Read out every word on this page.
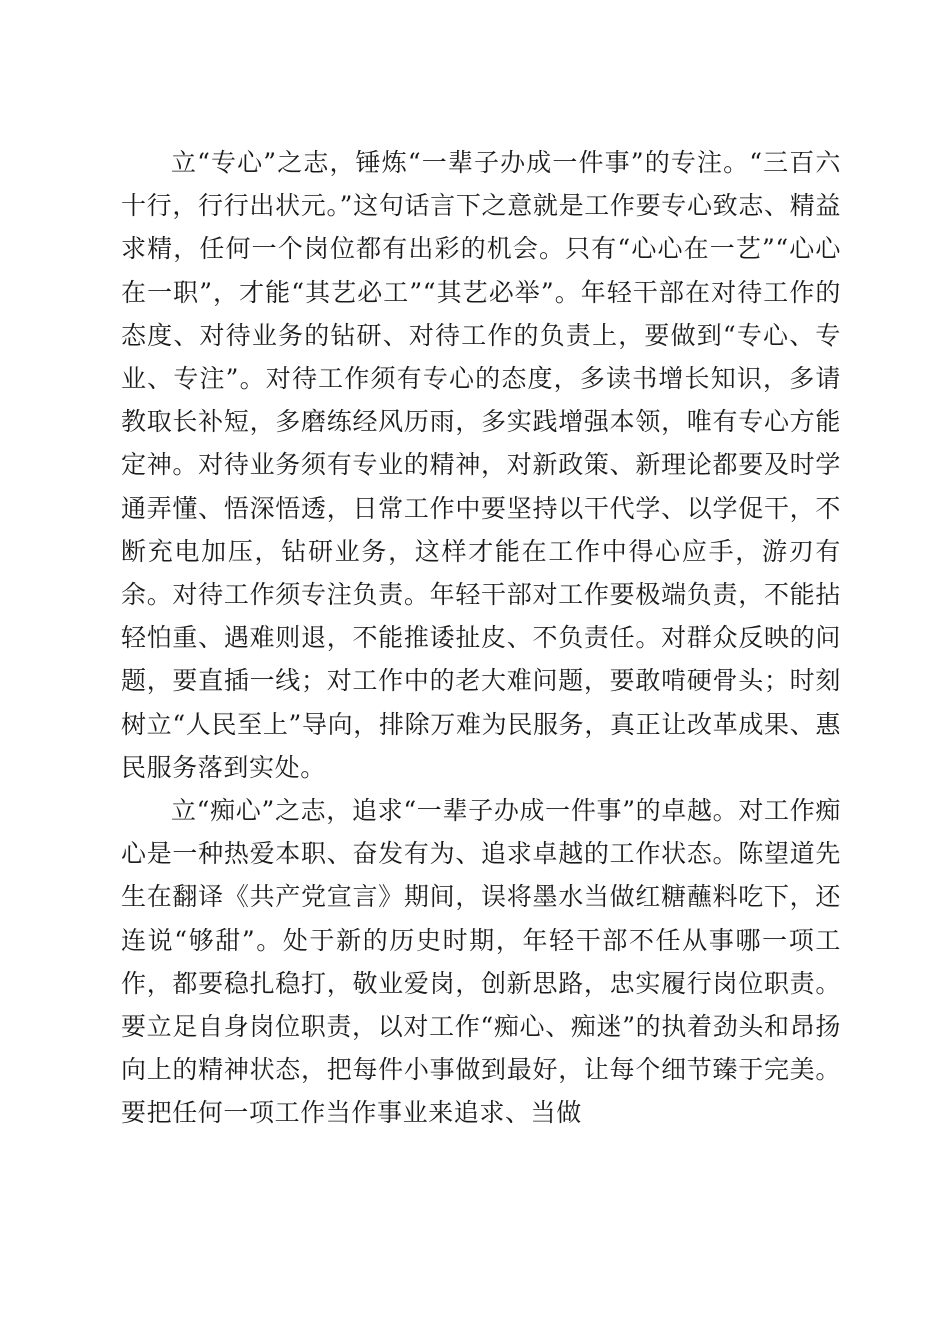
立“专心”之志，锤炼“一辈子办成一件事”的专注。“三百六十行，行行出状元。”这句话言下之意就是工作要专心致志、精益求精，任何一个岗位都有出彩的机会。只有“心心在一艺”“心心在一职”，才能“其艺必工”“其艺必举”。年轻干部在对待工作的态度、对待业务的钻研、对待工作的负责上，要做到“专心、专业、专注”。对待工作须有专心的态度，多读书增长知识，多请教取长补短，多磨练经风历雨，多实践增强本领，唯有专心方能定神。对待业务须有专业的精神，对新政策、新理论都要及时学通弄懂、悟深悟透，日常工作中要坚持以干代学、以学促干，不断充电加压，钻研业务，这样才能在工作中得心应手，游刃有余。对待工作须专注负责。年轻干部对工作要极端负责，不能拈轻怕重、遇难则退，不能推诿扯皮、不负责任。对群众反映的问题，要直插一线；对工作中的老大难问题，要敢啃硬骨头；时刻树立“人民至上”导向，排除万难为民服务，真正让改革成果、惠民服务落到实处。

立“痴心”之志，追求“一辈子办成一件事”的卓越。对工作痴心是一种热爱本职、奋发有为、追求卓越的工作状态。陈望道先生在翻译《共产党宣言》期间，误将墨水当做红糖蘸料吃下，还连说“够甜”。处于新的历史时期，年轻干部不任从事哪一项工作，都要稳扎稳打，敬业爱岗，创新思路，忠实履行岗位职责。要立足自身岗位职责，以对工作“痴心、痴迷”的执着劲头和昂扬向上的精神状态，把每件小事做到最好，让每个细节臻于完美。要把任何一项工作当作事业来追求、当做
